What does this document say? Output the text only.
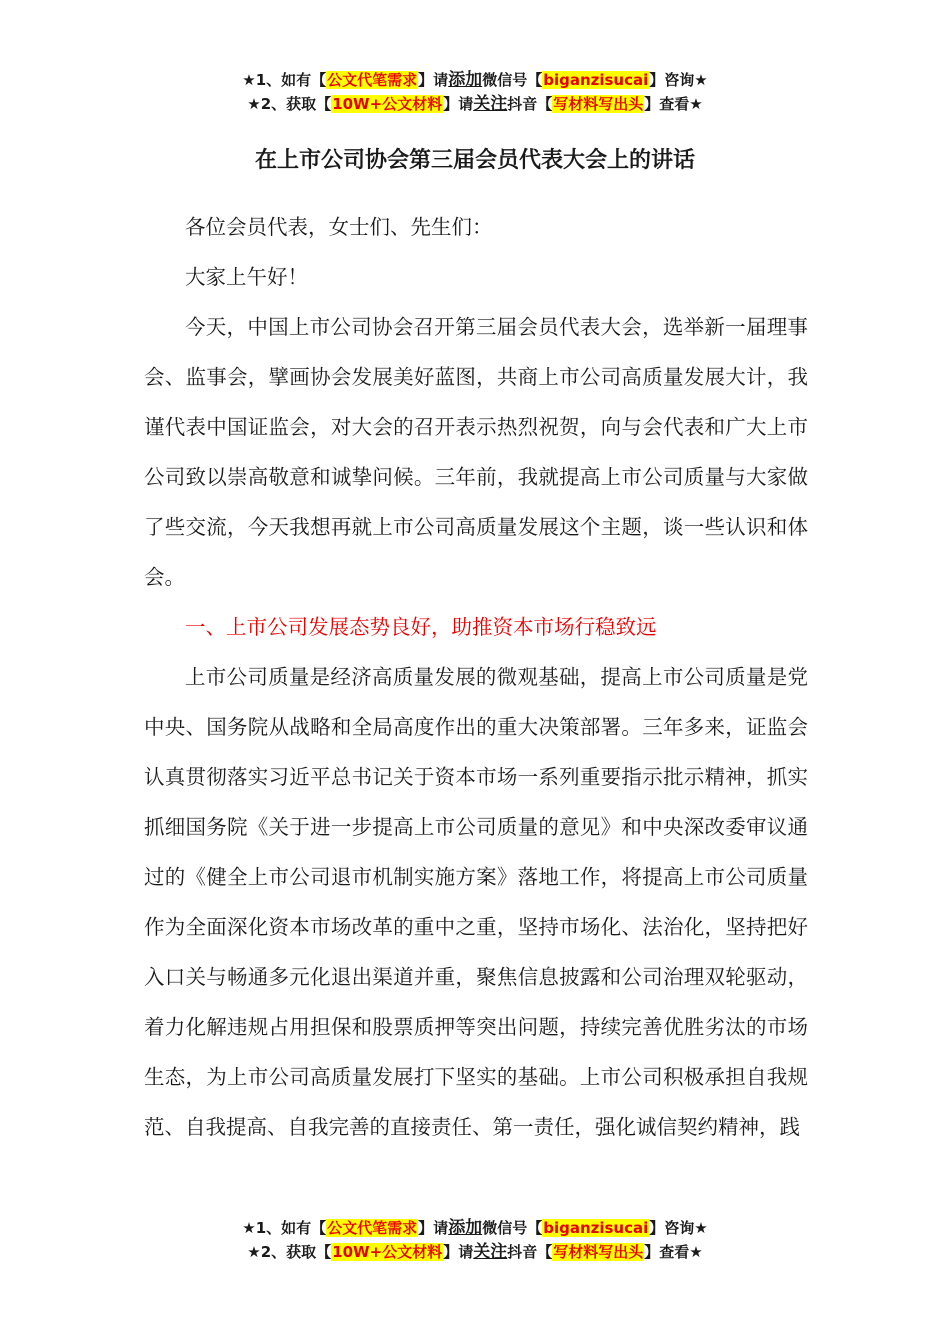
★1、如有【公文代笔需求】请添加微信号【biganzisucai】咨询★
★2、获取【10W+公文材料】请关注抖音【写材料写出头】查看★
在上市公司协会第三届会员代表大会上的讲话

各位会员代表，女士们、先生们：

大家上午好！

今天，中国上市公司协会召开第三届会员代表大会，选举新一届理事会、监事会，擘画协会发展美好蓝图，共商上市公司高质量发展大计，我谨代表中国证监会，对大会的召开表示热烈祝贺，向与会代表和广大上市公司致以崇高敬意和诚挚问候。三年前，我就提高上市公司质量与大家做了些交流，今天我想再就上市公司高质量发展这个主题，谈一些认识和体会。

一、上市公司发展态势良好，助推资本市场行稳致远

上市公司质量是经济高质量发展的微观基础，提高上市公司质量是党中央、国务院从战略和全局高度作出的重大决策部署。三年多来，证监会认真贯彻落实习近平总书记关于资本市场一系列重要指示批示精神，抓实抓细国务院《关于进一步提高上市公司质量的意见》和中央深改委审议通过的《健全上市公司退市机制实施方案》落地工作，将提高上市公司质量作为全面深化资本市场改革的重中之重，坚持市场化、法治化，坚持把好入口关与畅通多元化退出渠道并重，聚焦信息披露和公司治理双轮驱动，着力化解违规占用担保和股票质押等突出问题，持续完善优胜劣汰的市场生态，为上市公司高质量发展打下坚实的基础。上市公司积极承担自我规范、自我提高、自我完善的直接责任、第一责任，强化诚信契约精神，践

★1、如有【公文代笔需求】请添加微信号【biganzisucai】咨询★
★2、获取【10W+公文材料】请关注抖音【写材料写出头】查看★
